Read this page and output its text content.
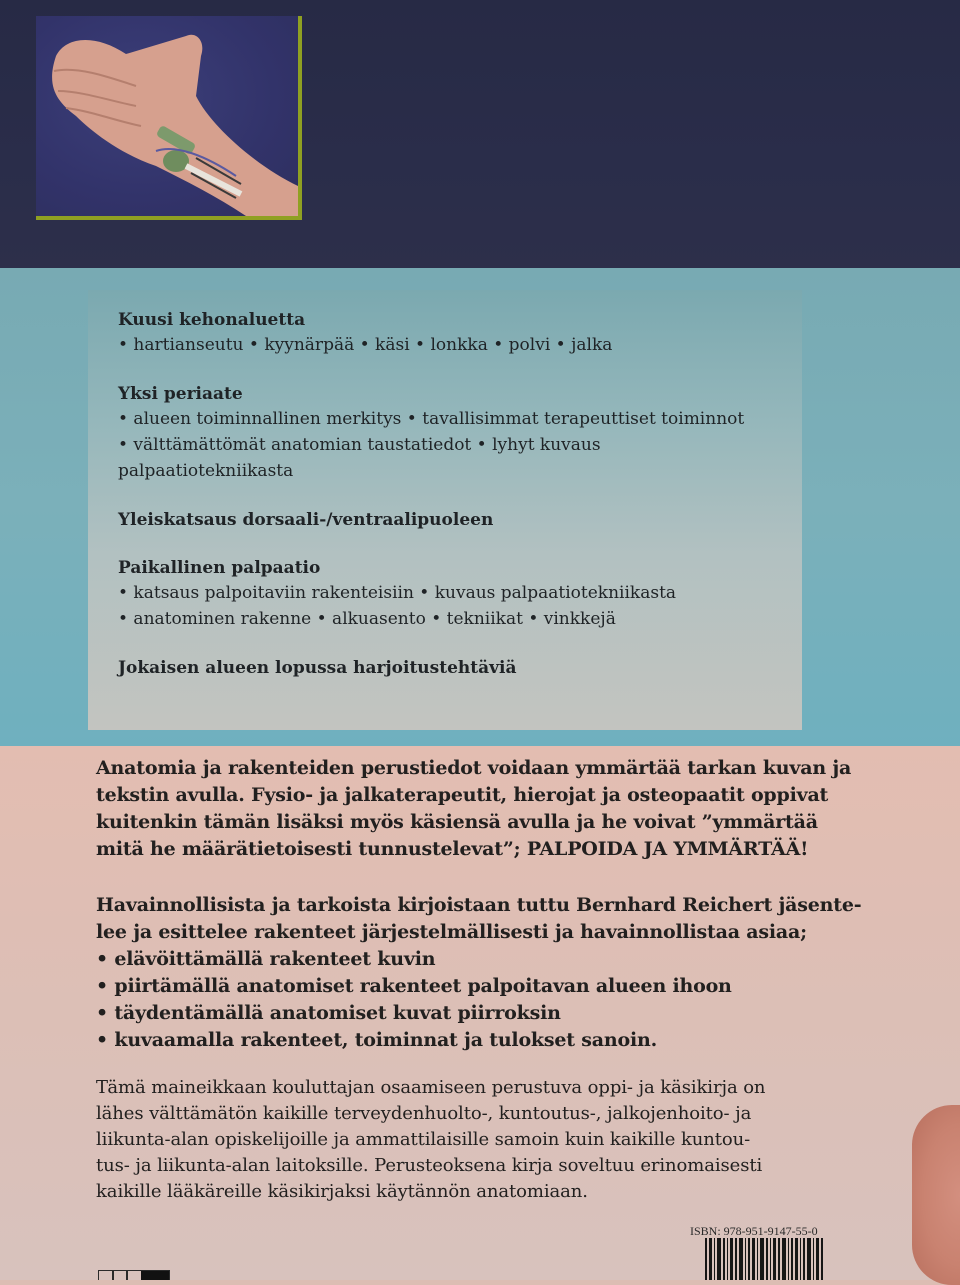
Kuusi kehonaluetta
• hartianseutu • kyynärpää • käsi • lonkka • polvi • jalka
Yksi periaate
• alueen toiminnallinen merkitys • tavallisimmat terapeuttiset toiminnot • välttämättömät anatomian taustatiedot • lyhyt kuvaus palpaatiotekniikasta
Yleiskatsaus dorsaali-/ventraalipuoleen
Paikallinen palpaatio
• katsaus palpoitaviin rakenteisiin • kuvaus palpaatiotekniikasta
• anatominen rakenne • alkuasento • tekniikat • vinkkejä
Jokaisen alueen lopussa harjoitustehtäviä
Anatomia ja rakenteiden perustiedot voidaan ymmärtää tarkan kuvan ja
tekstin avulla. Fysio- ja jalkaterapeutit, hierojat ja osteopaatit oppivat
kuitenkin tämän lisäksi myös käsiensä avulla ja he voivat ”ymmärtää
mitä he määrätietoisesti tunnustelevat”; PALPOIDA JA YMMÄRTÄÄ!
Havainnollisista ja tarkoista kirjoistaan tuttu Bernhard Reichert jäsente-
lee ja esittelee rakenteet järjestelmällisesti ja havainnollistaa asiaa;
• elävöittämällä rakenteet kuvin
• piirtämällä anatomiset rakenteet palpoitavan alueen ihoon
• täydentämällä anatomiset kuvat piirroksin
• kuvaamalla rakenteet, toiminnat ja tulokset sanoin.
Tämä maineikkaan kouluttajan osaamiseen perustuva oppi- ja käsikirja on
lähes välttämätön kaikille terveydenhuolto-, kuntoutus-, jalkojenhoito- ja
liikunta-alan opiskelijoille ja ammattilaisille samoin kuin kaikille kuntou-
tus- ja liikunta-alan laitoksille. Perusteoksena kirja soveltuu erinomaisesti
kaikille lääkäreille käsikirjaksi käytännön anatomiaan.
ISBN: 978-951-9147-55-0
